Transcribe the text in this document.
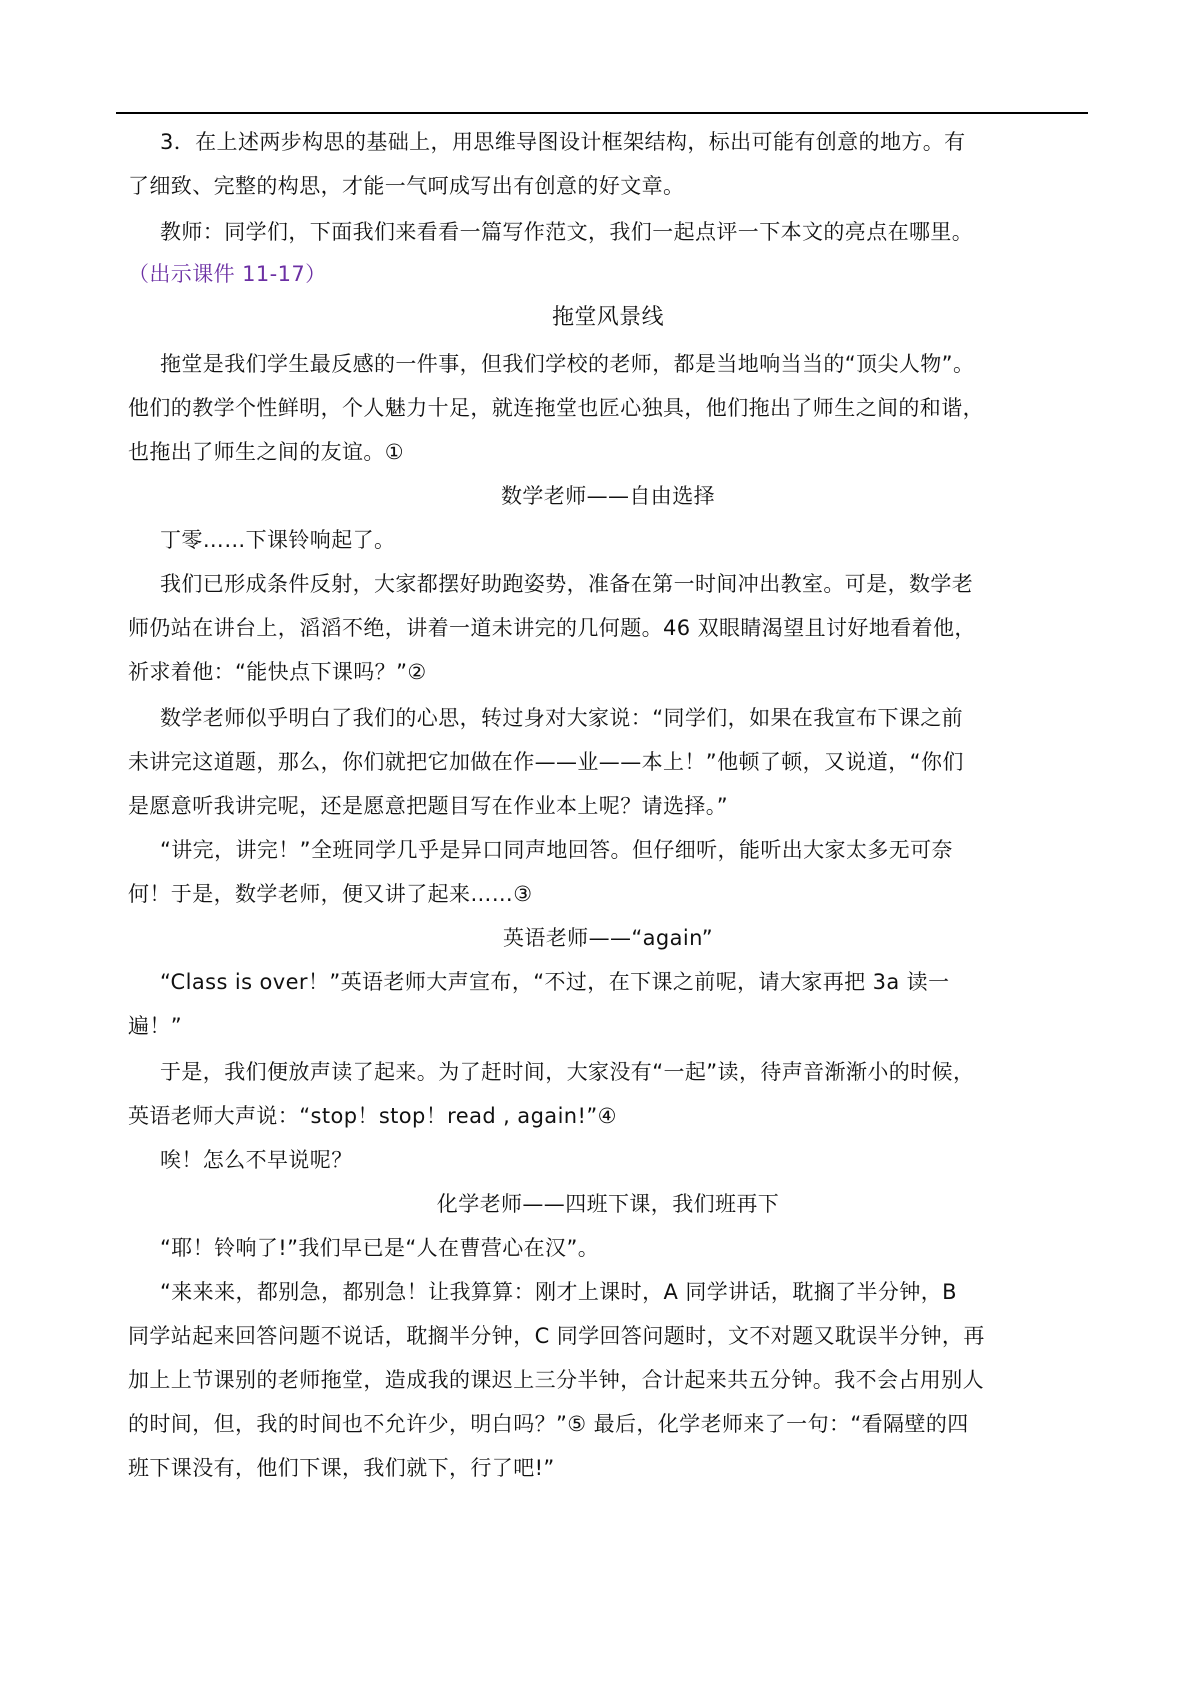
3．在上述两步构思的基础上，用思维导图设计框架结构，标出可能有创意的地方。有
了细致、完整的构思，才能一气呵成写出有创意的好文章。
教师：同学们，下面我们来看看一篇写作范文，我们一起点评一下本文的亮点在哪里。
（出示课件 11-17）
拖堂风景线
拖堂是我们学生最反感的一件事，但我们学校的老师，都是当地响当当的“顶尖人物”。
他们的教学个性鲜明，个人魅力十足，就连拖堂也匠心独具，他们拖出了师生之间的和谐，
也拖出了师生之间的友谊。①
数学老师——自由选择
丁零……下课铃响起了。
我们已形成条件反射，大家都摆好助跑姿势，准备在第一时间冲出教室。可是，数学老
师仍站在讲台上，滔滔不绝，讲着一道未讲完的几何题。46 双眼睛渴望且讨好地看着他，
祈求着他：“能快点下课吗？”②
数学老师似乎明白了我们的心思，转过身对大家说：“同学们，如果在我宣布下课之前
未讲完这道题，那么，你们就把它加做在作——业——本上！”他顿了顿，又说道，“你们
是愿意听我讲完呢，还是愿意把题目写在作业本上呢？请选择。”
“讲完，讲完！”全班同学几乎是异口同声地回答。但仔细听，能听出大家太多无可奈
何！于是，数学老师，便又讲了起来……③
英语老师——“again”
“Class is over！”英语老师大声宣布，“不过，在下课之前呢，请大家再把 3a 读一
遍！”
于是，我们便放声读了起来。为了赶时间，大家没有“一起”读，待声音渐渐小的时候，
英语老师大声说：“stop！stop！read , again!”④
唉！怎么不早说呢？
化学老师——四班下课，我们班再下
“耶！铃响了!”我们早已是“人在曹营心在汉”。
“来来来，都别急，都别急！让我算算：刚才上课时，A 同学讲话，耽搁了半分钟，B
同学站起来回答问题不说话，耽搁半分钟，C 同学回答问题时，文不对题又耽误半分钟，再
加上上节课别的老师拖堂，造成我的课迟上三分半钟，合计起来共五分钟。我不会占用别人
的时间，但，我的时间也不允许少，明白吗？”⑤ 最后，化学老师来了一句：“看隔壁的四
班下课没有，他们下课，我们就下，行了吧!”
